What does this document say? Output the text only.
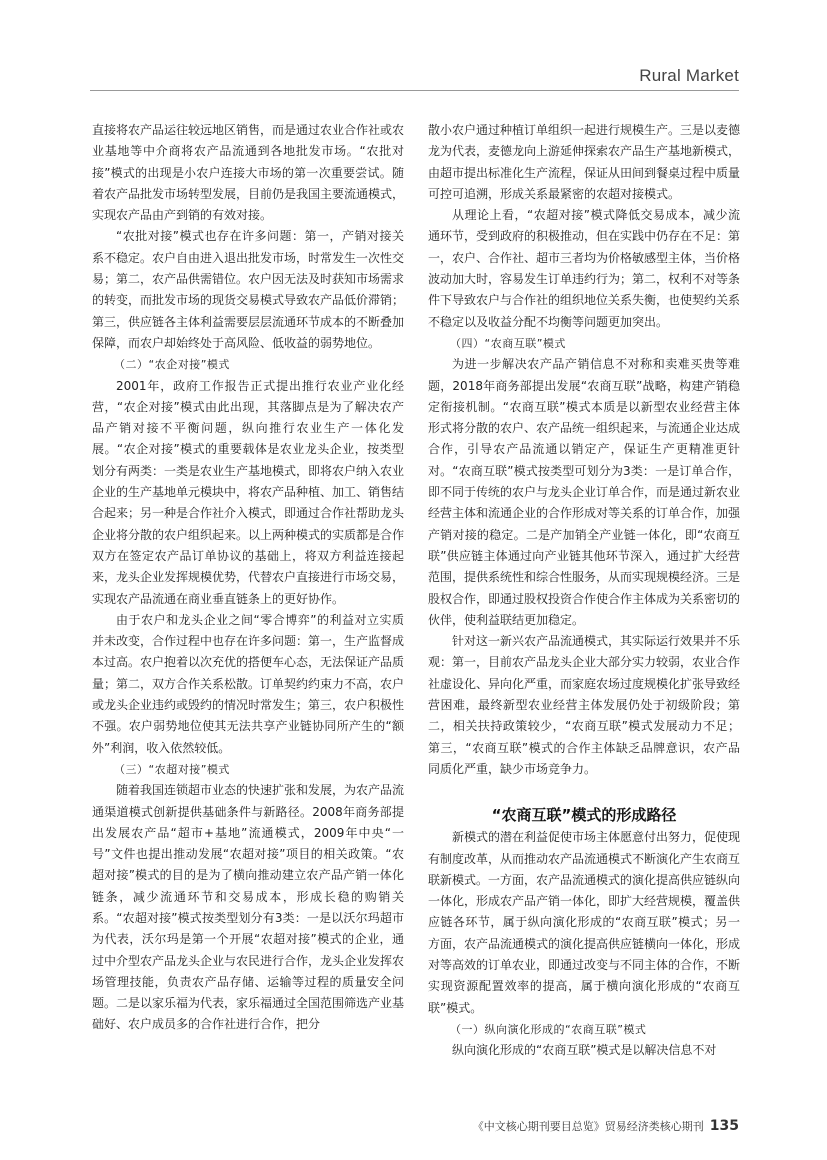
Rural Market

直接将农产品运往较远地区销售，而是通过农业合作社或农业基地等中介商将农产品流通到各地批发市场。“农批对接”模式的出现是小农户连接大市场的第一次重要尝试。随着农产品批发市场转型发展，目前仍是我国主要流通模式，实现农产品由产到销的有效对接。

“农批对接”模式也存在许多问题：第一，产销对接关系不稳定。农户自由进入退出批发市场，时常发生一次性交易；第二，农产品供需错位。农户因无法及时获知市场需求的转变，而批发市场的现货交易模式导致农产品低价滞销；第三，供应链各主体利益需要层层流通环节成本的不断叠加保障，而农户却始终处于高风险、低收益的弱势地位。

（二）“农企对接”模式

2001年，政府工作报告正式提出推行农业产业化经营，“农企对接”模式由此出现，其落脚点是为了解决农产品产销对接不平衡问题，纵向推行农业生产一体化发展。“农企对接”模式的重要载体是农业龙头企业，按类型划分有两类：一类是农业生产基地模式，即将农户纳入农业企业的生产基地单元模块中，将农产品种植、加工、销售结合起来；另一种是合作社介入模式，即通过合作社帮助龙头企业将分散的农户组织起来。以上两种模式的实质都是合作双方在签定农产品订单协议的基础上，将双方利益连接起来，龙头企业发挥规模优势，代替农户直接进行市场交易，实现农产品流通在商业垂直链条上的更好协作。

由于农户和龙头企业之间“零合博弈”的利益对立实质并未改变，合作过程中也存在许多问题：第一，生产监督成本过高。农户抱着以次充优的搭便车心态，无法保证产品质量；第二，双方合作关系松散。订单契约约束力不高，农户或龙头企业违约或毁约的情况时常发生；第三，农户积极性不强。农户弱势地位使其无法共享产业链协同所产生的“额外”利润，收入依然较低。

（三）“农超对接”模式

随着我国连锁超市业态的快速扩张和发展，为农产品流通渠道模式创新提供基础条件与新路径。2008年商务部提出发展农产品“超市+基地”流通模式，2009年中央“一号”文件也提出推动发展“农超对接”项目的相关政策。“农超对接”模式的目的是为了横向推动建立农产品产销一体化链条，减少流通环节和交易成本，形成长稳的购销关系。“农超对接”模式按类型划分有3类：一是以沃尔玛超市为代表，沃尔玛是第一个开展“农超对接”模式的企业，通过中介型农产品龙头企业与农民进行合作，龙头企业发挥农场管理技能，负责农产品存储、运输等过程的质量安全问题。二是以家乐福为代表，家乐福通过全国范围筛选产业基础好、农户成员多的合作社进行合作，把分

散小农户通过种植订单组织一起进行规模生产。三是以麦德龙为代表，麦德龙向上游延伸探索农产品生产基地新模式，由超市提出标准化生产流程，保证从田间到餐桌过程中质量可控可追溯，形成关系最紧密的农超对接模式。

从理论上看，“农超对接”模式降低交易成本，减少流通环节，受到政府的积极推动，但在实践中仍存在不足：第一，农户、合作社、超市三者均为价格敏感型主体，当价格波动加大时，容易发生订单违约行为；第二，权利不对等条件下导致农户与合作社的组织地位关系失衡，也使契约关系不稳定以及收益分配不均衡等问题更加突出。

（四）“农商互联”模式

为进一步解决农产品产销信息不对称和卖难买贵等难题，2018年商务部提出发展“农商互联”战略，构建产销稳定衔接机制。“农商互联”模式本质是以新型农业经营主体形式将分散的农户、农产品统一组织起来，与流通企业达成合作，引导农产品流通以销定产，保证生产更精准更针对。“农商互联”模式按类型可划分为3类：一是订单合作，即不同于传统的农户与龙头企业订单合作，而是通过新农业经营主体和流通企业的合作形成对等关系的订单合作，加强产销对接的稳定。二是产加销全产业链一体化，即“农商互联”供应链主体通过向产业链其他环节深入，通过扩大经营范围，提供系统性和综合性服务，从而实现规模经济。三是股权合作，即通过股权投资合作使合作主体成为关系密切的伙伴，使利益联结更加稳定。

针对这一新兴农产品流通模式，其实际运行效果并不乐观：第一，目前农产品龙头企业大部分实力较弱，农业合作社虚设化、异向化严重，而家庭农场过度规模化扩张导致经营困难，最终新型农业经营主体发展仍处于初级阶段；第二，相关扶持政策较少，“农商互联”模式发展动力不足；第三，“农商互联”模式的合作主体缺乏品牌意识，农产品同质化严重，缺少市场竞争力。

“农商互联”模式的形成路径

新模式的潜在利益促使市场主体愿意付出努力，促使现有制度改革，从而推动农产品流通模式不断演化产生农商互联新模式。一方面，农产品流通模式的演化提高供应链纵向一体化，形成农产品产销一体化，即扩大经营规模，覆盖供应链各环节，属于纵向演化形成的“农商互联”模式；另一方面，农产品流通模式的演化提高供应链横向一体化，形成对等高效的订单农业，即通过改变与不同主体的合作，不断实现资源配置效率的提高，属于横向演化形成的“农商互联”模式。

（一）纵向演化形成的“农商互联”模式

纵向演化形成的“农商互联”模式是以解决信息不对

《中文核心期刊要目总览》贸易经济类核心期刊 135
